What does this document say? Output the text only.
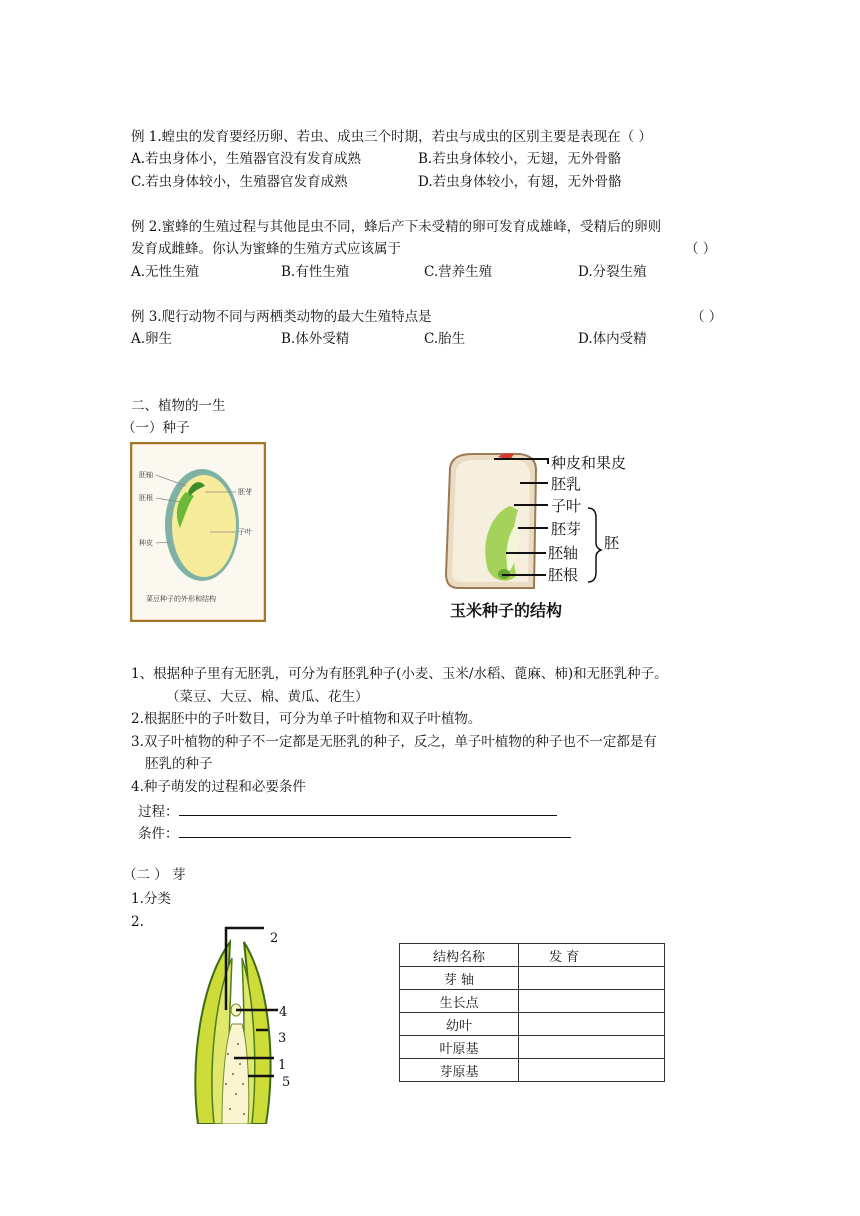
例 1.蝗虫的发育要经历卵、若虫、成虫三个时期，若虫与成虫的区别主要是表现在（ ）
A.若虫身体小，生殖器官没有发育成熟	B.若虫身体较小，无翅，无外骨骼
C.若虫身体较小，生殖器官发育成熟	D.若虫身体较小，有翅，无外骨骼
例 2.蜜蜂的生殖过程与其他昆虫不同，蜂后产下未受精的卵可发育成雄峰，受精后的卵则
发育成雌蜂。你认为蜜蜂的生殖方式应该属于	（ ）
A.无性生殖	B.有性生殖	C.营养生殖	D.分裂生殖
例 3.爬行动物不同与两栖类动物的最大生殖特点是	（ ）
A.卵生	B.体外受精	C.胎生	D.体内受精
二、植物的一生
（一）种子
胚轴
胚根
种皮
胚芽
子叶
菜豆种子的外形和结构
种皮和果皮
胚乳
子叶
胚芽
胚轴
胚根
胚
玉米种子的结构
1、根据种子里有无胚乳，可分为有胚乳种子(小麦、玉米/水稻、蓖麻、柿)和无胚乳种子。
（菜豆、大豆、棉、黄瓜、花生）
2.根据胚中的子叶数目，可分为单子叶植物和双子叶植物。
3.双子叶植物的种子不一定都是无胚乳的种子，反之，单子叶植物的种子也不一定都是有
胚乳的种子
4.种子萌发的过程和必要条件
过程：
条件：
（二 ） 芽
1.分类
2.
2
4
3
1
5
结构名称	发 育
芽 轴	
生长点	
幼叶	
叶原基	
芽原基	
